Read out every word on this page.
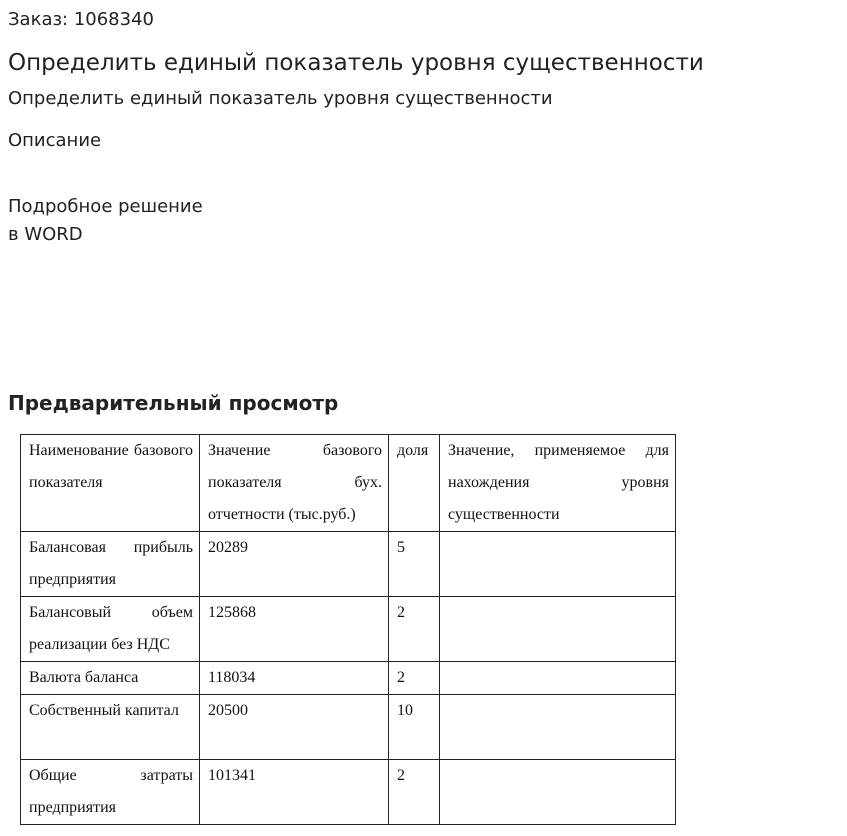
Заказ: 1068340
Определить единый показатель уровня существенности
Определить единый показатель уровня существенности
Описание
Подробное решение
в WORD
Предварительный просмотр
Наименование базового показателя	Значение базового показателя бух. отчетности (тыс.руб.)	доля	Значение, применяемое для нахождения уровня существенности
Балансовая прибыль предприятия	20289	5	
Балансовый объем реализации без НДС	125868	2	
Валюта баланса	118034	2	
Собственный капитал	20500	10	
Общие затраты предприятия	101341	2	
